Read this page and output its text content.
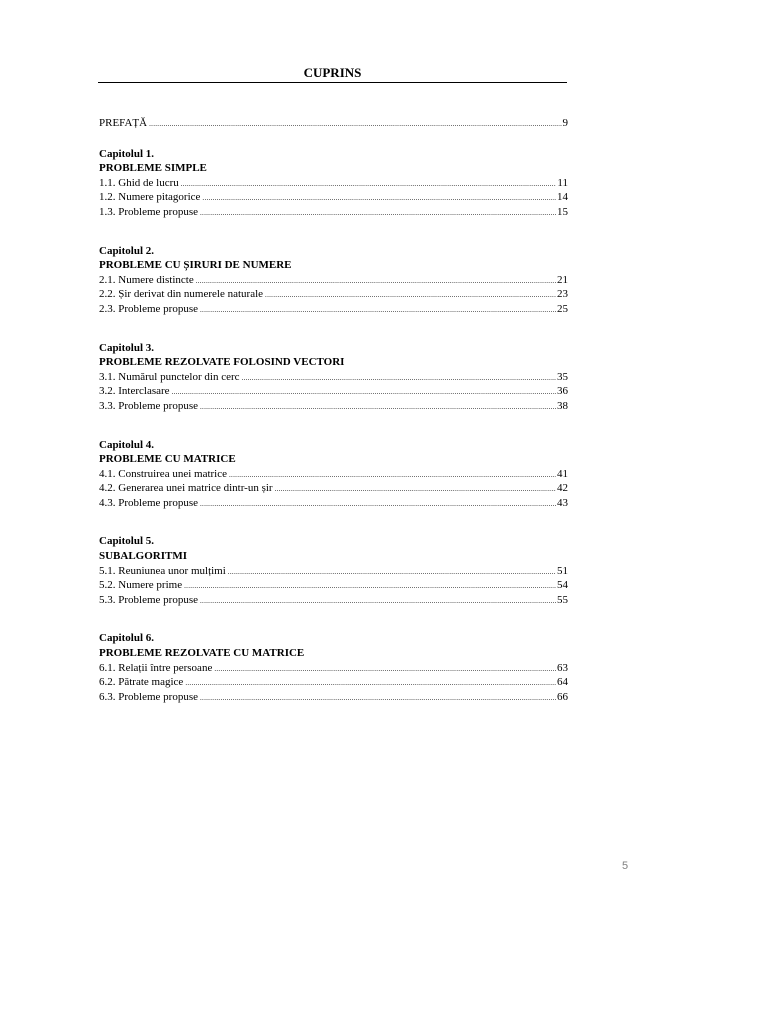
CUPRINS
PREFAȚĂ .....	9
Capitolul 1.
PROBLEME SIMPLE
1.1. Ghid de lucru .....	11
1.2. Numere pitagorice .....	14
1.3. Probleme propuse .....	15
Capitolul 2.
PROBLEME CU ȘIRURI DE NUMERE
2.1. Numere distincte .....	21
2.2. Șir derivat din numerele naturale .....	23
2.3. Probleme propuse .....	25
Capitolul 3.
PROBLEME REZOLVATE FOLOSIND VECTORI
3.1. Numărul punctelor din cerc .....	35
3.2. Interclasare .....	36
3.3. Probleme propuse .....	38
Capitolul 4.
PROBLEME CU MATRICE
4.1. Construirea unei matrice .....	41
4.2. Generarea unei matrice dintr-un șir .....	42
4.3. Probleme propuse .....	43
Capitolul 5.
SUBALGORITMI
5.1. Reuniunea unor mulțimi .....	51
5.2. Numere prime .....	54
5.3. Probleme propuse .....	55
Capitolul 6.
PROBLEME REZOLVATE CU MATRICE
6.1. Relații între persoane .....	63
6.2. Pătrate magice .....	64
6.3. Probleme propuse .....	66
5
